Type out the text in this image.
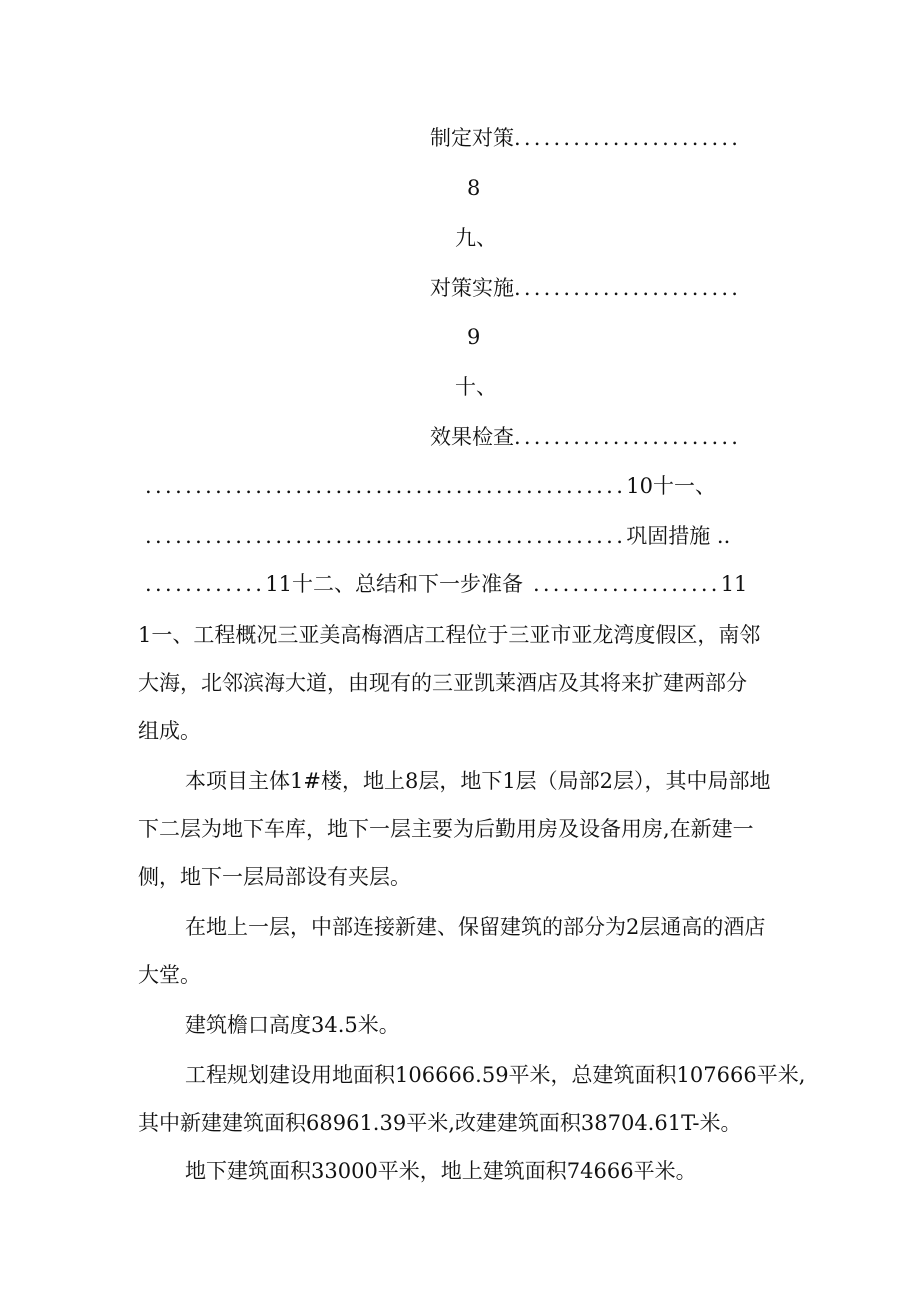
制定对策.......................
8
九、
对策实施.......................
9
十、
效果检查.......................
................................................10十一、
................................................巩固措施 ..
............11十二、总结和下一步准备 ...................11
1一、工程概况三亚美高梅酒店工程位于三亚市亚龙湾度假区，南邻
大海，北邻滨海大道，由现有的三亚凯莱酒店及其将来扩建两部分
组成。
本项目主体1#楼，地上8层，地下1层（局部2层），其中局部地
下二层为地下车库，地下一层主要为后勤用房及设备用房,在新建一
侧，地下一层局部设有夹层。
在地上一层，中部连接新建、保留建筑的部分为2层通高的酒店
大堂。
建筑檐口高度34.5米。
工程规划建设用地面积106666.59平米，总建筑面积107666平米,
其中新建建筑面积68961.39平米,改建建筑面积38704.61T-米。
地下建筑面积33000平米，地上建筑面积74666平米。
